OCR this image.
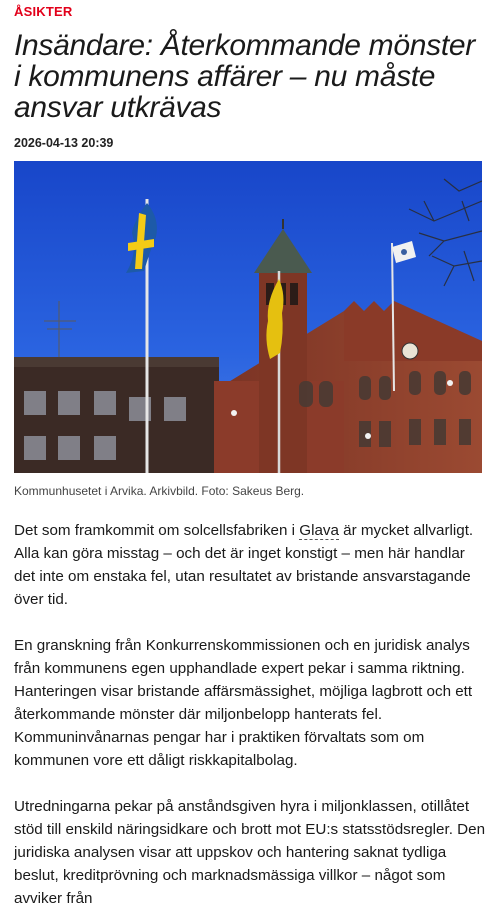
ÅSIKTER
Insändare: Återkommande mönster i kommunens affärer – nu måste ansvar utkrävas
2026-04-13 20:39
Kommunhusetet i Arvika. Arkivbild. Foto: Sakeus Berg.

Det som framkommit om solcellsfabriken i Glava är mycket allvarligt. Alla kan göra misstag – och det är inget konstigt – men här handlar det inte om enstaka fel, utan resultatet av bristande ansvarstagande över tid.

En granskning från Konkurrenskommissionen och en juridisk analys från kommunens egen upphandlade expert pekar i samma riktning. Hanteringen visar bristande affärsmässighet, möjliga lagbrott och ett återkommande mönster där miljonbelopp hanterats fel. Kommuninvånarnas pengar har i praktiken förvaltats som om kommunen vore ett dåligt riskkapitalbolag.

Utredningarna pekar på anståndsgiven hyra i miljonklassen, otillåtet stöd till enskild näringsidkare och brott mot EU:s statsstödsregler. Den juridiska analysen visar att uppskov och hantering saknat tydliga beslut, kreditprövning och marknadsmässiga villkor – något som avviker från
